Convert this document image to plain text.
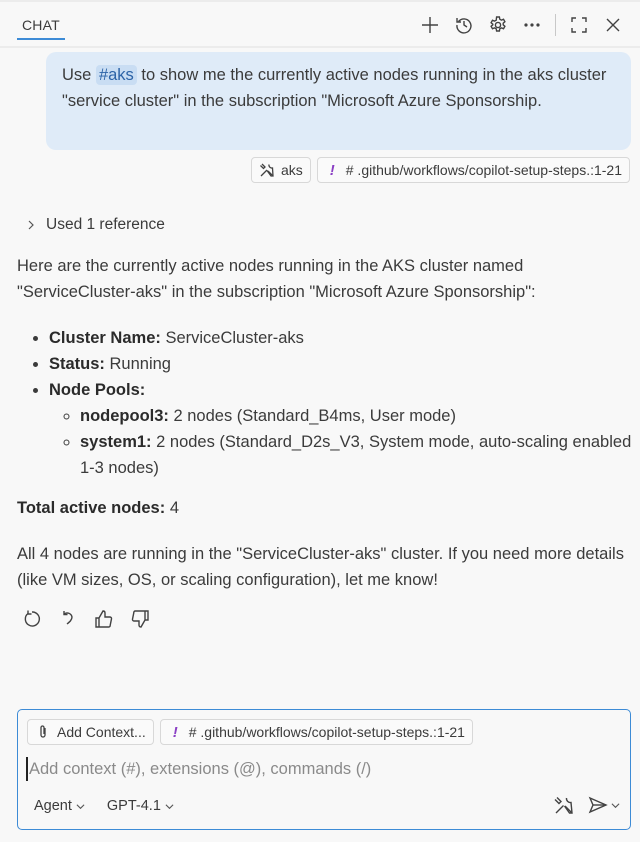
CHAT
Use #aks to show me the currently active nodes running in the aks cluster "service cluster" in the subscription "Microsoft Azure Sponsorship.
aks	! # .github/workflows/copilot-setup-steps.:1-21
Used 1 reference

Here are the currently active nodes running in the AKS cluster named "ServiceCluster-aks" in the subscription "Microsoft Azure Sponsorship":

• Cluster Name: ServiceCluster-aks
• Status: Running
• Node Pools:
◦ nodepool3: 2 nodes (Standard_B4ms, User mode)
◦ system1: 2 nodes (Standard_D2s_V3, System mode, auto-scaling enabled 1-3 nodes)

Total active nodes: 4

All 4 nodes are running in the "ServiceCluster-aks" cluster. If you need more details (like VM sizes, OS, or scaling configuration), let me know!

Add Context...	! # .github/workflows/copilot-setup-steps.:1-21
Add context (#), extensions (@), commands (/)
Agent GPT-4.1
